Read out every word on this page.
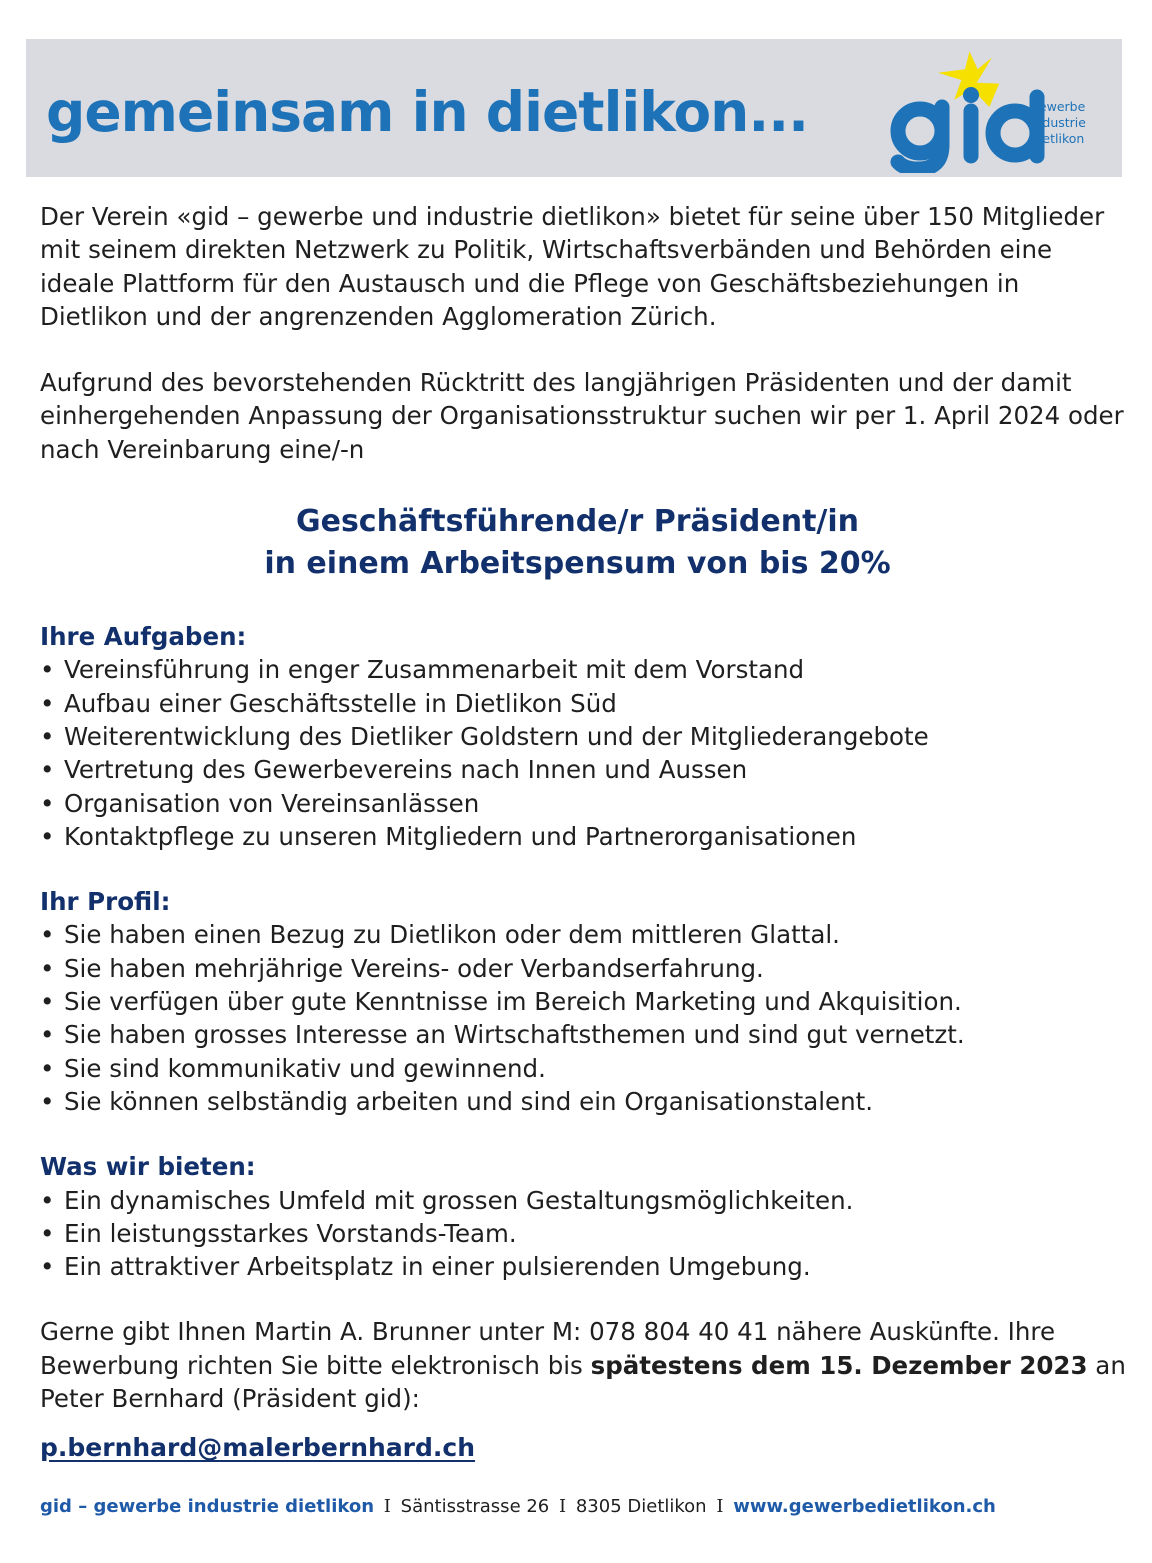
gemeinsam in dietlikon...	gewerbe
industrie
dietlikon

Der Verein «gid – gewerbe und industrie dietlikon» bietet für seine über 150 Mitglieder mit seinem direkten Netzwerk zu Politik, Wirtschaftsverbänden und Behörden eine ideale Plattform für den Austausch und die Pflege von Geschäftsbeziehungen in Dietlikon und der angrenzenden Agglomeration Zürich.

Aufgrund des bevorstehenden Rücktritt des langjährigen Präsidenten und der damit einhergehenden Anpassung der Organisationsstruktur suchen wir per 1. April 2024 oder nach Vereinbarung eine/-n

Geschäftsführende/r Präsident/in
in einem Arbeitspensum von bis 20%
Ihre Aufgaben:
• Vereinsführung in enger Zusammenarbeit mit dem Vorstand
• Aufbau einer Geschäftsstelle in Dietlikon Süd
• Weiterentwicklung des Dietliker Goldstern und der Mitgliederangebote
• Vertretung des Gewerbevereins nach Innen und Aussen
• Organisation von Vereinsanlässen
• Kontaktpflege zu unseren Mitgliedern und Partnerorganisationen
Ihr Profil:
• Sie haben einen Bezug zu Dietlikon oder dem mittleren Glattal.
• Sie haben mehrjährige Vereins- oder Verbandserfahrung.
• Sie verfügen über gute Kenntnisse im Bereich Marketing und Akquisition.
• Sie haben grosses Interesse an Wirtschaftsthemen und sind gut vernetzt.
• Sie sind kommunikativ und gewinnend.
• Sie können selbständig arbeiten und sind ein Organisationstalent.
Was wir bieten:
• Ein dynamisches Umfeld mit grossen Gestaltungsmöglichkeiten.
• Ein leistungsstarkes Vorstands-Team.
• Ein attraktiver Arbeitsplatz in einer pulsierenden Umgebung.

Gerne gibt Ihnen Martin A. Brunner unter M: 078 804 40 41 nähere Auskünfte. Ihre Bewerbung richten Sie bitte elektronisch bis spätestens dem 15. Dezember 2023 an Peter Bernhard (Präsident gid):

p.bernhard@malerbernhard.ch
gid – gewerbe industrie dietlikon I Säntisstrasse 26 I 8305 Dietlikon I www.gewerbedietlikon.ch
